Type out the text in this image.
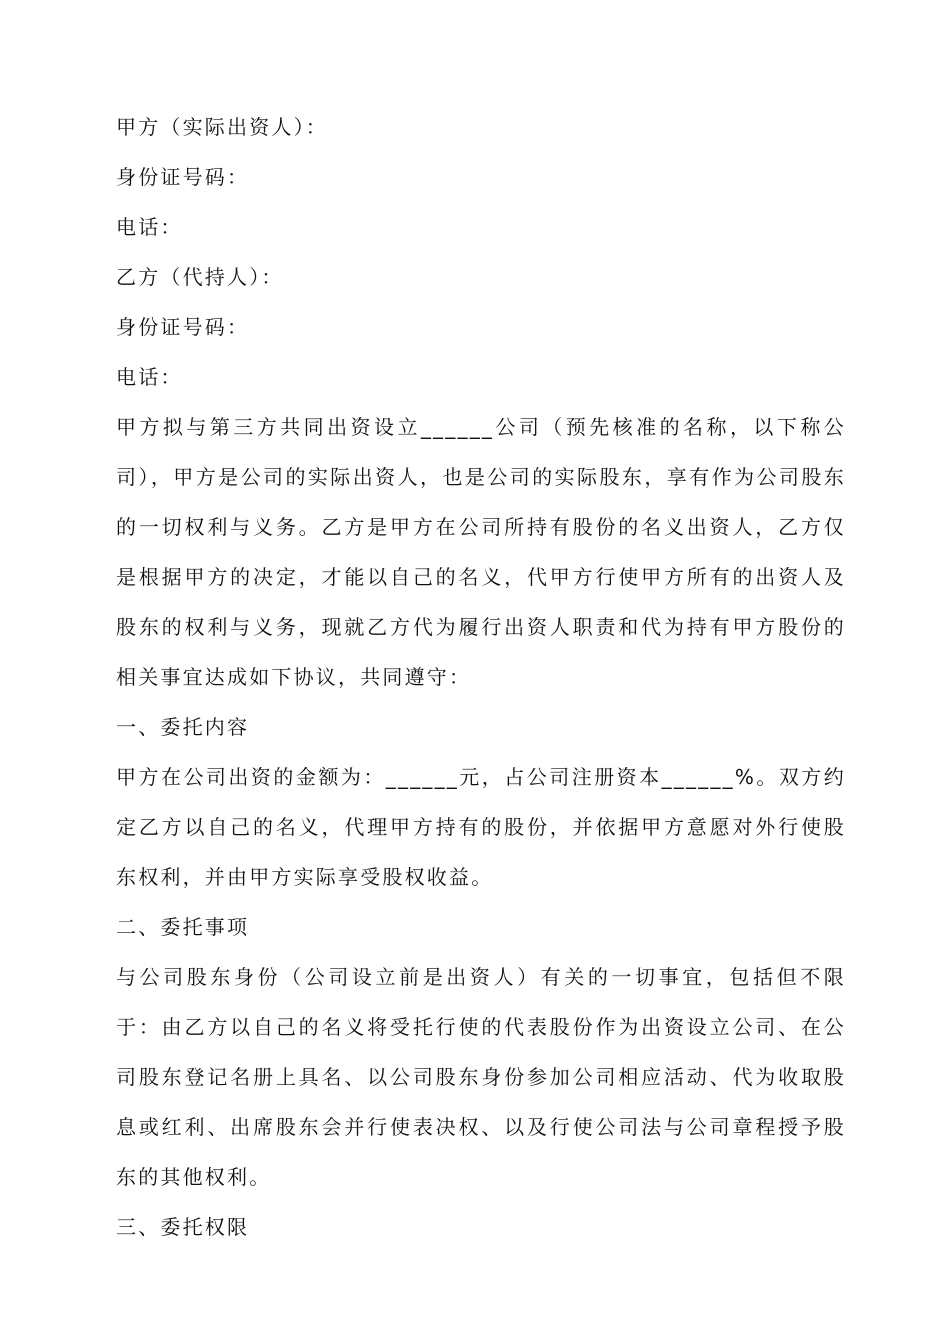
甲方（实际出资人）：

身份证号码：

电话：

乙方（代持人）：

身份证号码：

电话：

甲方拟与第三方共同出资设立______公司（预先核准的名称，以下称公司），甲方是公司的实际出资人，也是公司的实际股东，享有作为公司股东的一切权利与义务。乙方是甲方在公司所持有股份的名义出资人，乙方仅是根据甲方的决定，才能以自己的名义，代甲方行使甲方所有的出资人及股东的权利与义务，现就乙方代为履行出资人职责和代为持有甲方股份的相关事宜达成如下协议，共同遵守：

一、委托内容

甲方在公司出资的金额为：______元，占公司注册资本______%。双方约定乙方以自己的名义，代理甲方持有的股份，并依据甲方意愿对外行使股东权利，并由甲方实际享受股权收益。

二、委托事项

与公司股东身份（公司设立前是出资人）有关的一切事宜，包括但不限于：由乙方以自己的名义将受托行使的代表股份作为出资设立公司、在公司股东登记名册上具名、以公司股东身份参加公司相应活动、代为收取股息或红利、出席股东会并行使表决权、以及行使公司法与公司章程授予股东的其他权利。

三、委托权限
